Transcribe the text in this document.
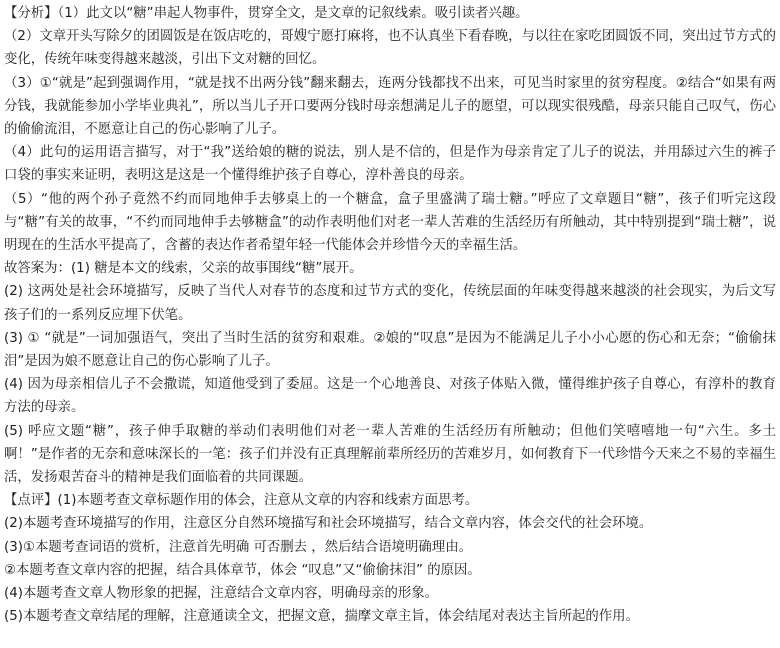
【分析】（1）此文以“糖”串起人物事件，贯穿全文，是文章的记叙线索。吸引读者兴趣。

（2）文章开头写除夕的团圆饭是在饭店吃的，哥嫂宁愿打麻将，也不认真坐下看春晚，与以往在家吃团圆饭不同，突出过节方式的变化，传统年味变得越来越淡，引出下文对糖的回忆。

（3）①“就是”起到强调作用，“就是找不出两分钱”翻来翻去，连两分钱都找不出来，可见当时家里的贫穷程度。②结合“如果有两分钱，我就能参加小学毕业典礼”，所以当儿子开口要两分钱时母亲想满足儿子的愿望，可以现实很残酷，母亲只能自己叹气，伤心的偷偷流泪，不愿意让自己的伤心影响了儿子。

（4）此句的运用语言描写，对于“我”送给娘的糖的说法，别人是不信的，但是作为母亲肯定了儿子的说法，并用舔过六生的裤子口袋的事实来证明，表明这是这是一个懂得维护孩子自尊心，淳朴善良的母亲。

（5）“他的两个孙子竟然不约而同地伸手去够桌上的一个糖盒，盒子里盛满了瑞士糖。”呼应了文章题目“糖”，孩子们听完这段与“糖”有关的故事，“不约而同地伸手去够糖盒”的动作表明他们对老一辈人苦难的生活经历有所触动，其中特别提到“瑞士糖”，说明现在的生活水平提高了，含蓄的表达作者希望年轻一代能体会并珍惜今天的幸福生活。

故答案为：(1) 糖是本文的线索，父亲的故事围线“糖”展开。

(2) 这两处是社会环境描写，反映了当代人对春节的态度和过节方式的变化，传统层面的年味变得越来越淡的社会现实，为后文写孩子们的一系列反应埋下伏笔。

(3) ① “就是”一词加强语气，突出了当时生活的贫穷和艰难。②娘的“叹息”是因为不能满足儿子小小心愿的伤心和无奈；“偷偷抹泪”是因为娘不愿意让自己的伤心影响了儿子。

(4) 因为母亲相信儿子不会撒谎，知道他受到了委屈。这是一个心地善良、对孩子体贴入微，懂得维护孩子自尊心，有淳朴的教育方法的母亲。

(5) 呼应文题“糖”，孩子伸手取糖的举动们表明他们对老一辈人苦难的生活经历有所触动；但他们笑嘻嘻地一句“六生。多土啊！”是作者的无奈和意味深长的一笔：孩子们并没有正真理解前辈所经历的苦难岁月，如何教育下一代珍惜今天来之不易的幸福生活，发扬艰苦奋斗的精神是我们面临着的共同课题。

【点评】(1)本题考查文章标题作用的体会，注意从文章的内容和线索方面思考。

(2)本题考查环境描写的作用，注意区分自然环境描写和社会环境描写，结合文章内容，体会交代的社会环境。

(3)①本题考查词语的赏析，注意首先明确 可否删去 ，然后结合语境明确理由。

②本题考查文章内容的把握，结合具体章节，体会 “叹息”又“偷偷抹泪” 的原因。

(4)本题考查文章人物形象的把握，注意结合文章内容，明确母亲的形象。

(5)本题考查文章结尾的理解，注意通读全文，把握文意，揣摩文章主旨，体会结尾对表达主旨所起的作用。
